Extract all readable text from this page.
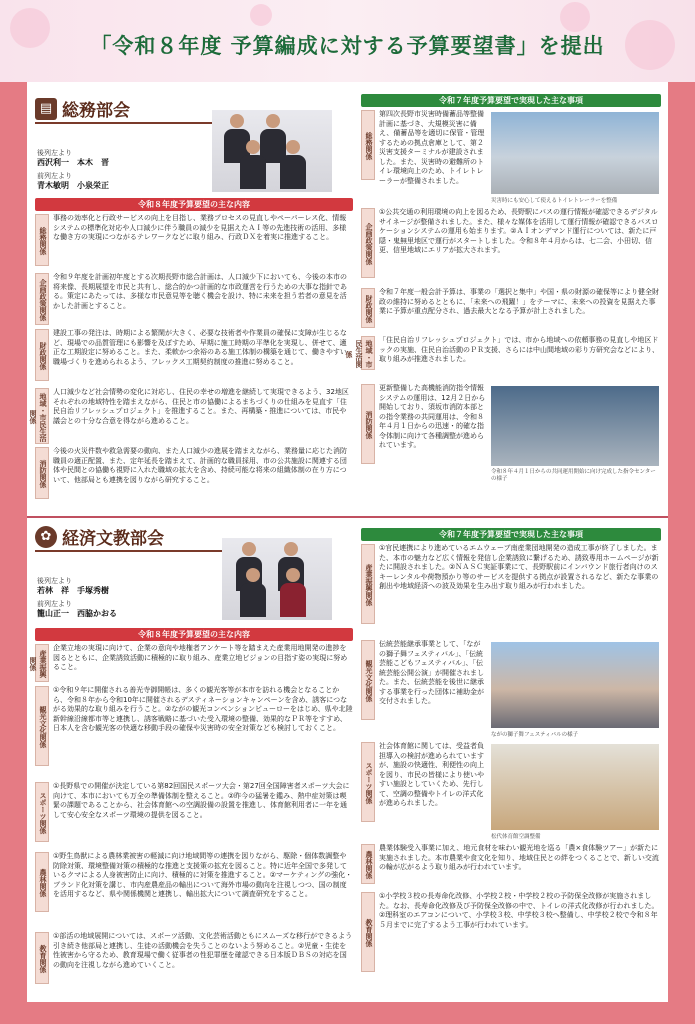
「令和８年度 予算編成に対する予算要望書」を提出
▤ 総務部会
後列左より
西沢利一　本木　晋
前列左より
青木敏明　小泉栄正
令和８年度予算要望の主な内容
総務関係
事務の効率化と行政サービスの向上を目指し、業務プロセスの見直しやペーパーレス化、情報システムの標準化対応や人口減少に伴う職員の減少を見据えたＡＩ等の先進技術の活用、多様な働き方の実現につながるテレワークなどに取り組み、行政ＤＸを着実に推進すること。
企画政策関係
令和９年度を計画初年度とする次期長野市総合計画は、人口減少下においても、今後の本市の将来像、長期展望を市民と共有し、総合的かつ計画的な市政運営を行うための大事な指針である。策定にあたっては、多様な市民意見等を聴く機会を設け、特に未来を担う若者の意見を活かした計画とすること。
財政関係
建設工事の発注は、時期による繁閑が大きく、必要な技術者や作業員の確保に支障が生じるなど、現場での品質管理にも影響を及ぼすため、早期に施工時期の平準化を実現し、併せて、適正な工期設定に努めること。また、柔軟かつ余裕のある施工体制の構築を通じて、働きやすい職場づくりを進められるよう、フレックス工期契約制度の推進に努めること。
地域・市民生活関係
人口減少など社会情勢の変化に対応し、住民の幸せの増進を継続して実現できるよう、32地区それぞれの地域特性を踏まえながら、住民と市の協働によるまちづくりの仕組みを見直す「住民自治リフレッシュプロジェクト」を推進すること。また、再構築・推進については、市民や議会との十分な合意を得ながら進めること。
消防関係
今後の火災件数や救急需要の動向、また人口減少の進展を踏まえながら、業務量に応じた消防職員の適正配置、また、定年延長を踏まえて、計画的な職員採用、市の公共施設に関連する団体や民間との協働も視野に入れた職域の拡大を含め、持続可能な将来の組織体制の在り方について、他部局とも連携を図りながら研究すること。
令和７年度予算要望で実現した主な事項
総務関係
第四次長野市災害時備蓄品等整備計画に基づき、大規模災害に備え、備蓄品等を適切に保管・管理するための拠点倉庫として、第２災害支援ターミナルが建設されました。また、災害時の避難所のトイレ環境向上のため、トイレトレーラーが整備されました。
災害時にも安心して使えるトイレトレーラーを整備
企画政策関係
①公共交通の利用環境の向上を図るため、長野駅にバスの運行情報が確認できるデジタルサイネージが整備されました。また、様々な媒体を活用して運行情報が確認できるバスロケーションシステムの運用も始まります。②ＡＩオンデマンド運行については、新たに戸隠・鬼無里地区で運行がスタートしました。令和８年４月からは、七二会、小田切、信更、信里地域にエリアが拡大されます。
財政関係
令和７年度一般会計予算は、事業の「選択と集中」や国・県の財源の確保等により健全財政の維持に努めるとともに、「未来への飛躍！」をテーマに、未来への投資を見据えた事業に予算が重点配分され、過去最大となる予算が計上されました。
地域・市民生活関係
「住民自治リフレッシュプロジェクト」では、市から地域への依頼事務の見直しや地区ドックの実施、住民自治活動のＰＲ支援、さらには中山間地域の彩り方研究会などにより、取り組みが推進されました。
消防関係
更新整備した高機能消防指令情報システムの運用は、12月２日から開始しており、須坂市消防本部との指令業務の共同運用は、令和８年４月１日からの迅速・的確な指令体制に向けて各種調整が進められています。
令和８年４月１日からの共同運用開始に向け完成した指令センターの様子
✿ 経済文教部会
後列左より
若林　祥　手塚秀樹
前列左より
籠山正一　西脇かおる
令和８年度予算要望の主な内容
産業振興関係
企業立地の実現に向けて、企業の意向や地権者アンケート等を踏まえた産業用地開発の進捗を図るとともに、企業誘致活動に積極的に取り組み、産業立地ビジョンの目指す姿の実現に努めること。
観光文化関係
①令和９年に開催される善光寺御開帳は、多くの観光客等が本市を訪れる機会となることから、令和８年から令和10年に開催されるデスティネーションキャンペーンを含め、誘客につながる効果的な取り組みを行うこと。②ながの観光コンベンションビューローをはじめ、県や北陸新幹線沿線都市等と連携し、誘客戦略に基づいた受入環境の整備、効果的なＰＲ等をすすめ、日本人を含む観光客の快適な移動手段の確保や災害時の安全対策なども検討しておくこと。
スポーツ関係
①長野県での開催が決定している第82回国民スポーツ大会・第27回全国障害者スポーツ大会に向けて、本市においても万全の準備体制を整えること。②昨今の猛暑を鑑み、熱中症対策は喫緊の課題であることから、社会体育館への空調設備の設置を推進し、体育館利用者に一年を通して安心安全なスポーツ環境の提供を図ること。
農林関係
①野生鳥獣による農林業被害の軽減に向け地域間等の連携を図りながら、駆除・個体数調整や防除対策、環境整備対策の積極的な推進と支援策の拡充を図ること。特に近年全国で多発しているクマによる人身被害防止に向け、積極的に対策を推進すること。②マーケティングの強化・ブランド化対策を講じ、市内産農産品の輸出について海外市場の動向を注視しつつ、国の制度を活用するなど、県や関係機関と連携し、輸出拡大について調査研究をすること。
教育関係
①部活の地域展開については、スポーツ活動、文化芸術活動ともにスムーズな移行ができるよう引き続き他部局と連携し、生徒の活動機会を失うことのないよう努めること。②児童・生徒を性被害から守るため、教育現場で働く従事者の性犯罪歴を確認できる日本版ＤＢＳの対応を国の動向を注視しながら進めていくこと。
令和７年度予算要望で実現した主な事項
産業振興関係
①官民連携により進めているエムウェーブ南産業団地開発の造成工事が終了しました。また、本市の魅力など広く情報を発信し企業誘致に繋げるため、誘致専用ホームページが新たに開設されました。②ＮＡＳＣ実証事業にて、長野駅前にインバウンド旅行者向けのスキーレンタルや荷物預かり等のサービスを提供する拠点が設置されるなど、新たな事業の創出や地域経済への波及効果を生み出す取り組みが行われました。
観光文化関係
伝統芸能継承事業として、「ながの獅子舞フェスティバル」、「伝統芸能こどもフェスティバル」、「伝統芸能公開公演」が開催されました。また、伝統芸能を後世に継承する事業を行った団体に補助金が交付されました。
ながの獅子舞フェスティバルの様子
スポーツ関係
社会体育館に関しては、受益者負担導入の検討が進められていますが、施設の快適性、利便性の向上を図り、市民の皆様により使いやすい施設としていくため、先行して、空調の整備やトイレの洋式化が進められました。
松代体育館空調整備
農林関係
農業体験受入事業に加え、地元食材を味わい観光地を巡る「農×食体験ツアー」が新たに実施されました。本市農業や食文化を知り、地域住民との絆をつくることで、新しい交流の輪が広がるよう取り組みが行われています。
教育関係
①小学校３校の長寿命化改修、小学校２校・中学校２校の予防保全改修が実施されました。なお、長寿命化改修及び予防保全改修の中で、トイレの洋式化改修が行われました。②理科室のエアコンについて、小学校３校、中学校３校へ整備し、中学校２校で令和８年５月までに完了するよう工事が行われています。
